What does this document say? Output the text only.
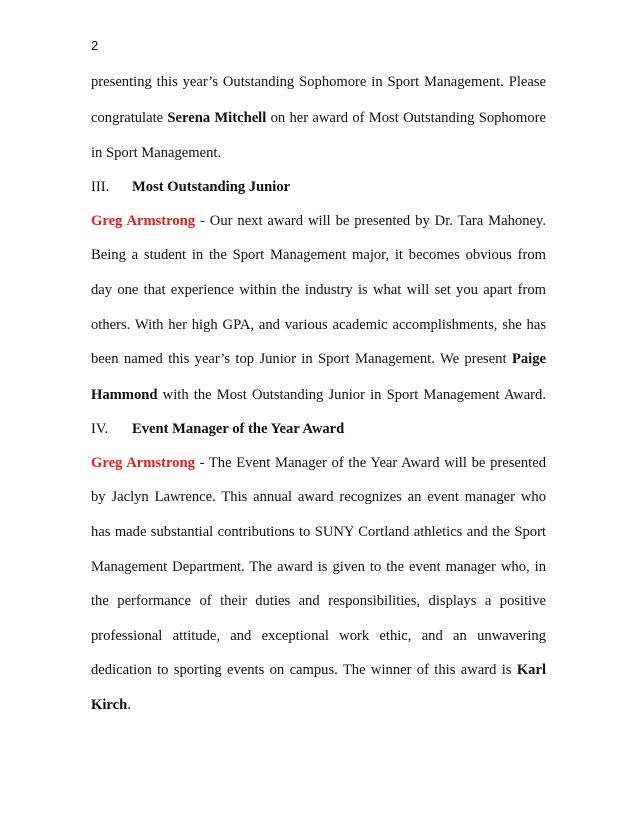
2
presenting this year’s Outstanding Sophomore in Sport Management. Please
congratulate Serena Mitchell on her award of Most Outstanding Sophomore
in Sport Management.
III. Most Outstanding Junior
Greg Armstrong - Our next award will be presented by Dr. Tara Mahoney.
Being a student in the Sport Management major, it becomes obvious from
day one that experience within the industry is what will set you apart from
others. With her high GPA, and various academic accomplishments, she has
been named this year’s top Junior in Sport Management. We present Paige
Hammond with the Most Outstanding Junior in Sport Management Award.
IV. Event Manager of the Year Award
Greg Armstrong - The Event Manager of the Year Award will be presented
by Jaclyn Lawrence. This annual award recognizes an event manager who
has made substantial contributions to SUNY Cortland athletics and the Sport
Management Department. The award is given to the event manager who, in
the performance of their duties and responsibilities, displays a positive
professional attitude, and exceptional work ethic, and an unwavering
dedication to sporting events on campus. The winner of this award is Karl
Kirch.
